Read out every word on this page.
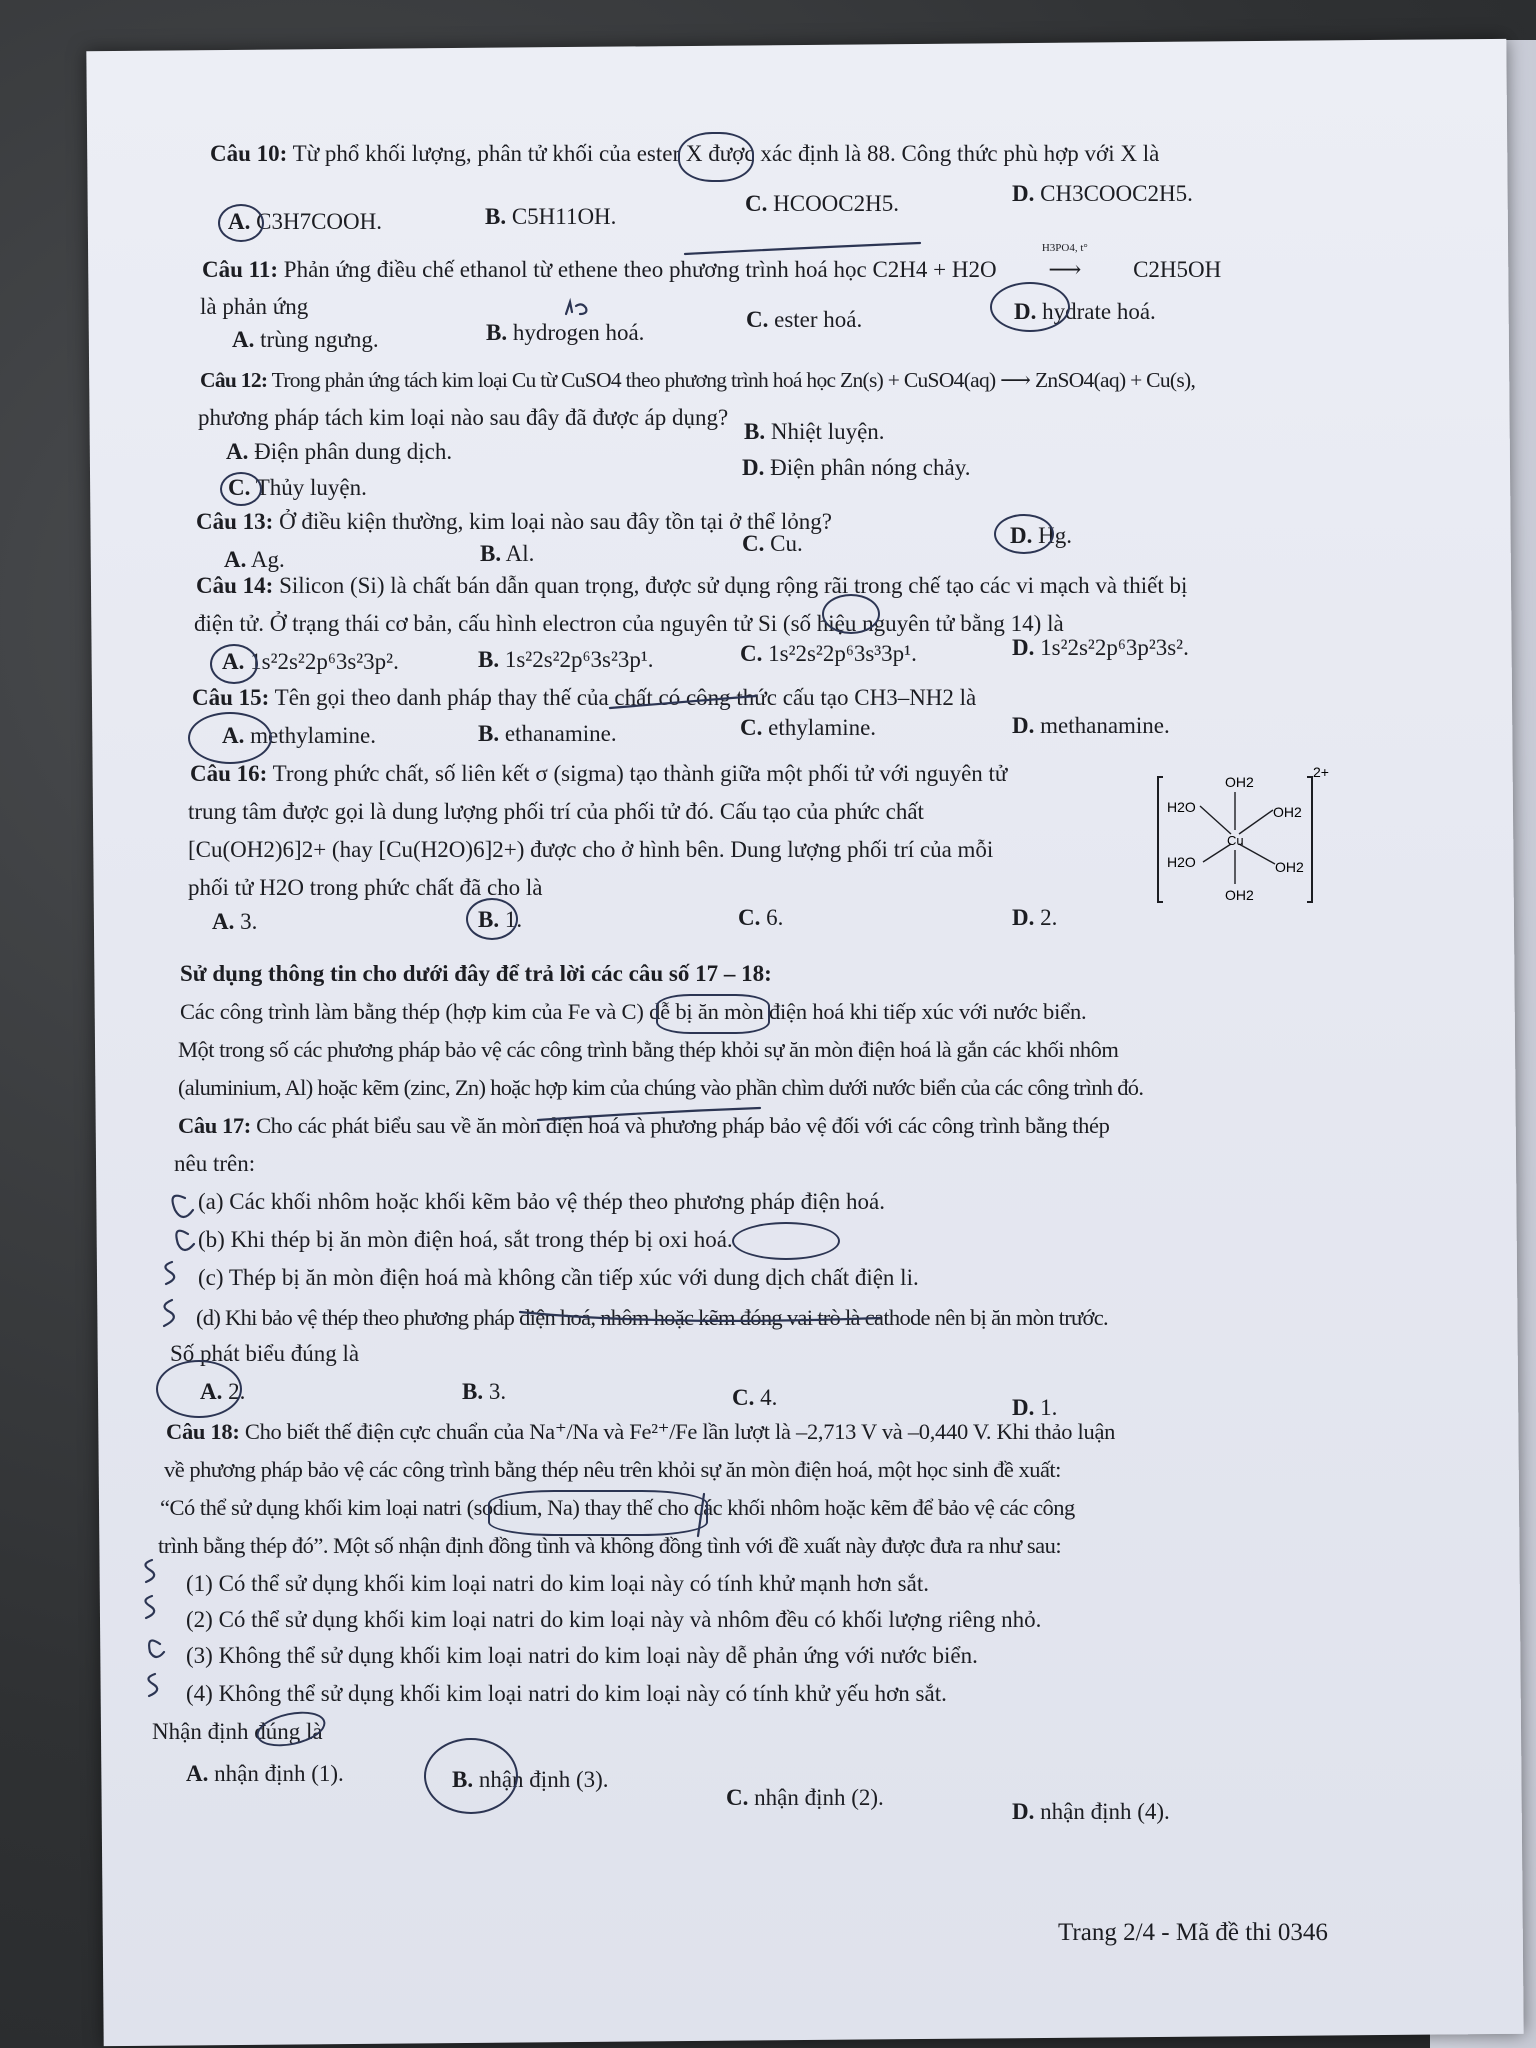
Câu 10: Từ phổ khối lượng, phân tử khối của ester X được xác định là 88. Công thức phù hợp với X là
A. C3H7COOH.	B. C5H11OH.
C. HCOOC2H5.	D. CH3COOC2H5.
Câu 11: Phản ứng điều chế ethanol từ ethene theo phương trình hoá học C2H4 + H2O
H3PO4, t°
⟶ C2H5OH
là phản ứng
A. trùng ngưng.	B. hydrogen hoá.
C. ester hoá.	D. hydrate hoá.
Câu 12: Trong phản ứng tách kim loại Cu từ CuSO4 theo phương trình hoá học Zn(s) + CuSO4(aq) ⟶ ZnSO4(aq) + Cu(s),
phương pháp tách kim loại nào sau đây đã được áp dụng?
A. Điện phân dung dịch.
B. Nhiệt luyện.
C. Thủy luyện.
D. Điện phân nóng chảy.
Câu 13: Ở điều kiện thường, kim loại nào sau đây tồn tại ở thể lỏng?
A. Ag.	B. Al.	C. Cu.	D. Hg.
Câu 14: Silicon (Si) là chất bán dẫn quan trọng, được sử dụng rộng rãi trong chế tạo các vi mạch và thiết bị
điện tử. Ở trạng thái cơ bản, cấu hình electron của nguyên tử Si (số hiệu nguyên tử bằng 14) là
A. 1s²2s²2p⁶3s²3p².	B. 1s²2s²2p⁶3s²3p¹.	C. 1s²2s²2p⁶3s³3p¹.	D. 1s²2s²2p⁶3p²3s².
Câu 15: Tên gọi theo danh pháp thay thế của chất có công thức cấu tạo CH3–NH2 là
A. methylamine.	B. ethanamine.	C. ethylamine.	D. methanamine.
Câu 16: Trong phức chất, số liên kết σ (sigma) tạo thành giữa một phối tử với nguyên tử
trung tâm được gọi là dung lượng phối trí của phối tử đó. Cấu tạo của phức chất
[Cu(OH2)6]2+ (hay [Cu(H2O)6]2+) được cho ở hình bên. Dung lượng phối trí của mỗi
phối tử H2O trong phức chất đã cho là
OH2
OH2
H2O	OH2
H2O	OH2
Cu
2+
A. 3.	B. 1.	C. 6.	D. 2.
Sử dụng thông tin cho dưới đây để trả lời các câu số 17 – 18:
Các công trình làm bằng thép (hợp kim của Fe và C) dễ bị ăn mòn điện hoá khi tiếp xúc với nước biển.
Một trong số các phương pháp bảo vệ các công trình bằng thép khỏi sự ăn mòn điện hoá là gắn các khối nhôm
(aluminium, Al) hoặc kẽm (zinc, Zn) hoặc hợp kim của chúng vào phần chìm dưới nước biển của các công trình đó.
Câu 17: Cho các phát biểu sau về ăn mòn điện hoá và phương pháp bảo vệ đối với các công trình bằng thép
nêu trên:
(a) Các khối nhôm hoặc khối kẽm bảo vệ thép theo phương pháp điện hoá.
(b) Khi thép bị ăn mòn điện hoá, sắt trong thép bị oxi hoá.
(c) Thép bị ăn mòn điện hoá mà không cần tiếp xúc với dung dịch chất điện li.
(d) Khi bảo vệ thép theo phương pháp điện hoá, nhôm hoặc kẽm đóng vai trò là cathode nên bị ăn mòn trước.
Số phát biểu đúng là
A. 2.	B. 3.	C. 4.	D. 1.
Câu 18: Cho biết thế điện cực chuẩn của Na⁺/Na và Fe²⁺/Fe lần lượt là –2,713 V và –0,440 V. Khi thảo luận
về phương pháp bảo vệ các công trình bằng thép nêu trên khỏi sự ăn mòn điện hoá, một học sinh đề xuất:
“Có thể sử dụng khối kim loại natri (sodium, Na) thay thế cho các khối nhôm hoặc kẽm để bảo vệ các công
trình bằng thép đó”. Một số nhận định đồng tình và không đồng tình với đề xuất này được đưa ra như sau:
(1) Có thể sử dụng khối kim loại natri do kim loại này có tính khử mạnh hơn sắt.
(2) Có thể sử dụng khối kim loại natri do kim loại này và nhôm đều có khối lượng riêng nhỏ.
(3) Không thể sử dụng khối kim loại natri do kim loại này dễ phản ứng với nước biển.
(4) Không thể sử dụng khối kim loại natri do kim loại này có tính khử yếu hơn sắt.
Nhận định đúng là
A. nhận định (1).	B. nhận định (3).
C. nhận định (2).
D. nhận định (4).
Trang 2/4 - Mã đề thi 0346
